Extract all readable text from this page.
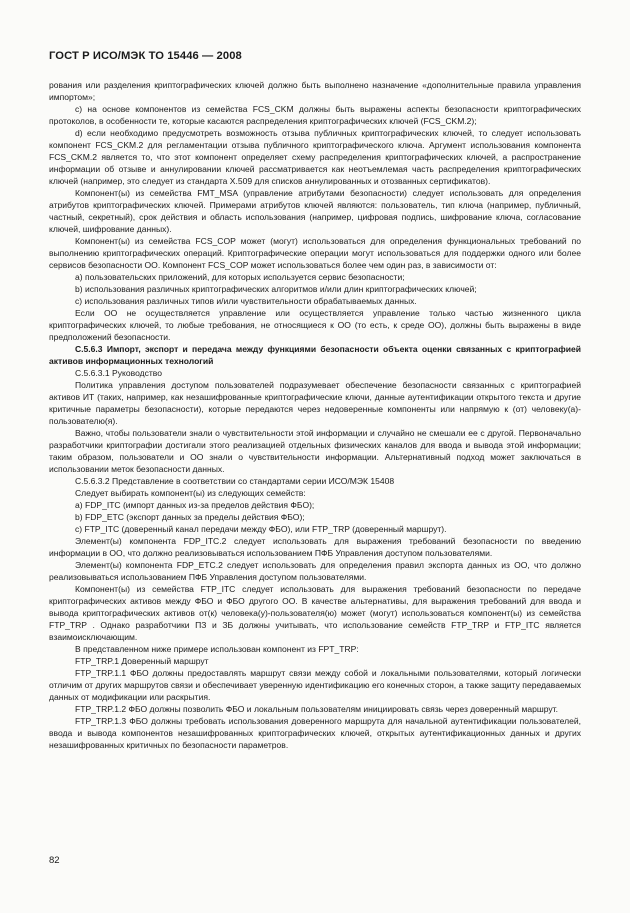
ГОСТ Р ИСО/МЭК ТО 15446 — 2008

рования или разделения криптографических ключей должно быть выполнено назначение «дополнительные правила управления импортом»;

с) на основе компонентов из семейства FCS_CKM должны быть выражены аспекты безопасности криптографических протоколов, в особенности те, которые касаются распределения криптографических ключей (FCS_CKM.2);

d) если необходимо предусмотреть возможность отзыва публичных криптографических ключей, то следует использовать компонент FCS_CKM.2 для регламентации отзыва публичного криптографического ключа. Аргумент использования компонента FCS_CKM.2 является то, что этот компонент определяет схему распределения криптографических ключей, а распространение информации об отзыве и аннулировании ключей рассматривается как неотъемлемая часть распределения криптографических ключей (например, это следует из стандарта X.509 для списков аннулированных и отозванных сертификатов).

Компонент(ы) из семейства FMT_MSA (управление атрибутами безопасности) следует использовать для определения атрибутов криптографических ключей. Примерами атрибутов ключей являются: пользователь, тип ключа (например, публичный, частный, секретный), срок действия и область использования (например, цифровая подпись, шифрование ключа, согласование ключей, шифрование данных).

Компонент(ы) из семейства FCS_COP может (могут) использоваться для определения функциональных требований по выполнению криптографических операций. Криптографические операции могут использоваться для поддержки одного или более сервисов безопасности ОО. Компонент FCS_COP может использоваться более чем один раз, в зависимости от:

а) пользовательских приложений, для которых используется сервис безопасности;

b) использования различных криптографических алгоритмов и/или длин криптографических ключей;

с) использования различных типов и/или чувствительности обрабатываемых данных.

Если ОО не осуществляется управление или осуществляется управление только частью жизненного цикла криптографических ключей, то любые требования, не относящиеся к ОО (то есть, к среде ОО), должны быть выражены в виде предположений безопасности.

С.5.6.3 Импорт, экспорт и передача между функциями безопасности объекта оценки связанных с криптографией активов информационных технологий

С.5.6.3.1 Руководство

Политика управления доступом пользователей подразумевает обеспечение безопасности связанных с криптографией активов ИТ (таких, например, как незашифрованные криптографические ключи, данные аутентификации открытого текста и другие критичные параметры безопасности), которые передаются через недоверенные компоненты или напрямую к (от) человеку(а)-пользователю(я).

Важно, чтобы пользователи знали о чувствительности этой информации и случайно не смешали ее с другой. Первоначально разработчики криптографии достигали этого реализацией отдельных физических каналов для ввода и вывода этой информации; таким образом, пользователи и ОО знали о чувствительности информации. Альтернативный подход может заключаться в использовании меток безопасности данных.

С.5.6.3.2 Представление в соответствии со стандартами серии ИСО/МЭК 15408

Следует выбирать компонент(ы) из следующих семейств:

а) FDP_ITC (импорт данных из-за пределов действия ФБО);

b) FDP_ETC (экспорт данных за пределы действия ФБО);

с) FTP_ITC (доверенный канал передачи между ФБО), или FTP_TRP (доверенный маршрут).

Элемент(ы) компонента FDP_ITC.2 следует использовать для выражения требований безопасности по введению информации в ОО, что должно реализовываться использованием ПФБ Управления доступом пользователями.

Элемент(ы) компонента FDP_ETC.2 следует использовать для определения правил экспорта данных из ОО, что должно реализовываться использованием ПФБ Управления доступом пользователями.

Компонент(ы) из семейства FTP_ITC следует использовать для выражения требований безопасности по передаче криптографических активов между ФБО и ФБО другого ОО. В качестве альтернативы, для выражения требований для ввода и вывода криптографических активов от(к) человека(у)-пользователя(ю) может (могут) использоваться компонент(ы) из семейства FTP_TRP . Однако разработчики ПЗ и ЗБ должны учитывать, что использование семейств FTP_TRP и FTP_ITC является взаимоисключающим.

В представленном ниже примере использован компонент из FPT_TRP:

FTP_TRP.1 Доверенный маршрут

FTP_TRP.1.1 ФБО должны предоставлять маршрут связи между собой и локальными пользователями, который логически отличим от других маршрутов связи и обеспечивает уверенную идентификацию его конечных сторон, а также защиту передаваемых данных от модификации или раскрытия.

FTP_TRP.1.2 ФБО должны позволить ФБО и локальным пользователям инициировать связь через доверенный маршрут.

FTP_TRP.1.3 ФБО должны требовать использования доверенного маршрута для начальной аутентификации пользователей, ввода и вывода компонентов незашифрованных криптографических ключей, открытых аутентификационных данных и других незашифрованных критичных по безопасности параметров.

82
